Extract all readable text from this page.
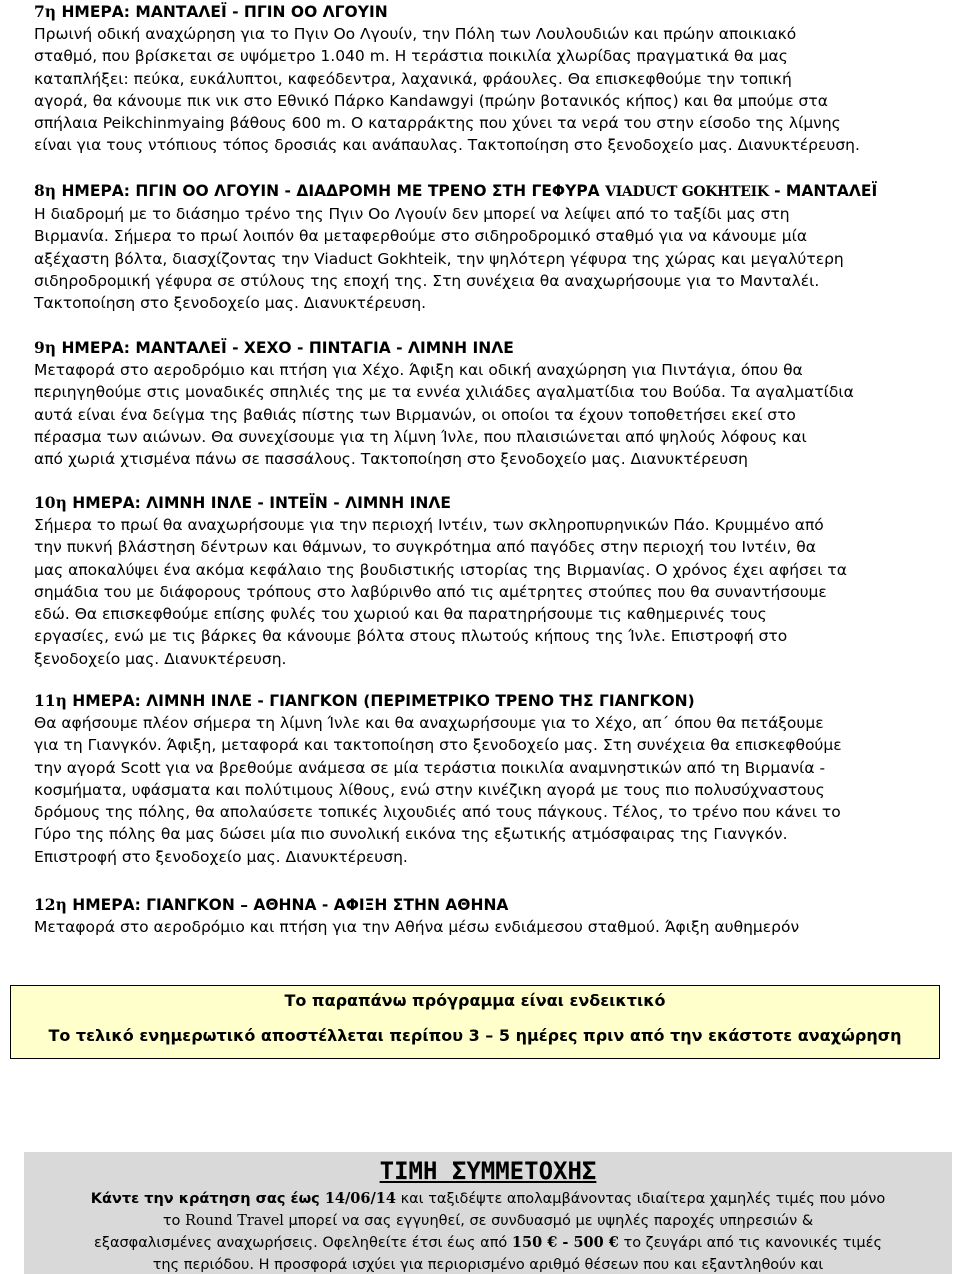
7η ΗΜΕΡΑ: ΜΑΝΤΑΛΕΪ - ΠΓΙΝ ΟΟ ΛΓΟΥΙΝ
Πρωινή οδική αναχώρηση για το Πγιν Οο Λγουίν, την Πόλη των Λουλουδιών και πρώην αποικιακό
σταθμό, που βρίσκεται σε υψόμετρο 1.040 m. Η τεράστια ποικιλία χλωρίδας πραγματικά θα μας
καταπλήξει: πεύκα, ευκάλυπτοι, καφεόδεντρα, λαχανικά, φράουλες. Θα επισκεφθούμε την τοπική
αγορά, θα κάνουμε πικ νικ στο Εθνικό Πάρκο Kandawgyi (πρώην βοτανικός κήπος) και θα μπούμε στα
σπήλαια Peikchinmyaing βάθους 600 m. Ο καταρράκτης που χύνει τα νερά του στην είσοδο της λίμνης
είναι για τους ντόπιους τόπος δροσιάς και ανάπαυλας. Τακτοποίηση στο ξενοδοχείο μας. Διανυκτέρευση.
8η ΗΜΕΡΑ: ΠΓΙΝ ΟΟ ΛΓΟΥΙΝ - ΔΙΑΔΡΟΜΗ ΜΕ ΤΡΕΝΟ ΣΤΗ ΓΕΦΥΡΑ VIADUCT GOKHTEIK - ΜΑΝΤΑΛΕΪ
Η διαδρομή με το διάσημο τρένο της Πγιν Οο Λγουίν δεν μπορεί να λείψει από το ταξίδι μας στη
Βιρμανία. Σήμερα το πρωί λοιπόν θα μεταφερθούμε στο σιδηροδρομικό σταθμό για να κάνουμε μία
αξέχαστη βόλτα, διασχίζοντας την Viaduct Gokhteik, την ψηλότερη γέφυρα της χώρας και μεγαλύτερη
σιδηροδρομική γέφυρα σε στύλους της εποχή της. Στη συνέχεια θα αναχωρήσουμε για το Μανταλέι.
Τακτοποίηση στο ξενοδοχείο μας. Διανυκτέρευση.
9η ΗΜΕΡΑ: ΜΑΝΤΑΛΕΪ - ΧΕΧΟ - ΠΙΝΤΑΓΙΑ - ΛΙΜΝΗ ΙΝΛΕ
Μεταφορά στο αεροδρόμιο και πτήση για Χέχο. Άφιξη και οδική αναχώρηση για Πιντάγια, όπου θα
περιηγηθούμε στις μοναδικές σπηλιές της με τα εννέα χιλιάδες αγαλματίδια του Βούδα. Τα αγαλματίδια
αυτά είναι ένα δείγμα της βαθιάς πίστης των Βιρμανών, οι οποίοι τα έχουν τοποθετήσει εκεί στο
πέρασμα των αιώνων. Θα συνεχίσουμε για τη λίμνη Ίνλε, που πλαισιώνεται από ψηλούς λόφους και
από χωριά χτισμένα πάνω σε πασσάλους. Τακτοποίηση στο ξενοδοχείο μας. Διανυκτέρευση
10η ΗΜΕΡΑ: ΛΙΜΝΗ ΙΝΛΕ - ΙΝΤΕΪΝ - ΛΙΜΝΗ ΙΝΛΕ
Σήμερα το πρωί θα αναχωρήσουμε για την περιοχή Ιντέιν, των σκληροπυρηνικών Πάο. Κρυμμένο από
την πυκνή βλάστηση δέντρων και θάμνων, το συγκρότημα από παγόδες στην περιοχή του Ιντέιν, θα
μας αποκαλύψει ένα ακόμα κεφάλαιο της βουδιστικής ιστορίας της Βιρμανίας. Ο χρόνος έχει αφήσει τα
σημάδια του με διάφορους τρόπους στο λαβύρινθο από τις αμέτρητες στούπες που θα συναντήσουμε
εδώ. Θα επισκεφθούμε επίσης φυλές του χωριού και θα παρατηρήσουμε τις καθημερινές τους
εργασίες, ενώ με τις βάρκες θα κάνουμε βόλτα στους πλωτούς κήπους της Ίνλε. Επιστροφή στο
ξενοδοχείο μας. Διανυκτέρευση.
11η ΗΜΕΡΑ: ΛΙΜΝΗ ΙΝΛΕ - ΓΙΑΝΓΚΟΝ (ΠΕΡΙΜΕΤΡΙΚΟ ΤΡΕΝΟ ΤΗΣ ΓΙΑΝΓΚΟΝ)
Θα αφήσουμε πλέον σήμερα τη λίμνη Ίνλε και θα αναχωρήσουμε για το Χέχο, απ΄ όπου θα πετάξουμε
για τη Γιανγκόν. Άφιξη, μεταφορά και τακτοποίηση στο ξενοδοχείο μας. Στη συνέχεια θα επισκεφθούμε
την αγορά Scott για να βρεθούμε ανάμεσα σε μία τεράστια ποικιλία αναμνηστικών από τη Βιρμανία -
κοσμήματα, υφάσματα και πολύτιμους λίθους, ενώ στην κινέζικη αγορά με τους πιο πολυσύχναστους
δρόμους της πόλης, θα απολαύσετε τοπικές λιχουδιές από τους πάγκους. Τέλος, το τρένο που κάνει το
Γύρο της πόλης θα μας δώσει μία πιο συνολική εικόνα της εξωτικής ατμόσφαιρας της Γιανγκόν.
Επιστροφή στο ξενοδοχείο μας. Διανυκτέρευση.
12η ΗΜΕΡΑ: ΓΙΑΝΓΚΟΝ – ΑΘΗΝΑ - ΑΦΙΞΗ ΣΤΗΝ ΑΘΗΝΑ
Μεταφορά στο αεροδρόμιο και πτήση για την Αθήνα μέσω ενδιάμεσου σταθμού. Άφιξη αυθημερόν
Το παραπάνω πρόγραμμα είναι ενδεικτικό
Το τελικό ενημερωτικό αποστέλλεται περίπου 3 – 5 ημέρες πριν από την εκάστοτε αναχώρηση
ΤΙΜΗ ΣΥΜΜΕΤΟΧΗΣ
Κάντε την κράτηση σας έως 14/06/14 και ταξιδέψτε απολαμβάνοντας ιδιαίτερα χαμηλές τιμές που μόνο
το Round Travel μπορεί να σας εγγυηθεί, σε συνδυασμό με υψηλές παροχές υπηρεσιών &
εξασφαλισμένες αναχωρήσεις. Οφεληθείτε έτσι έως από 150 € - 500 € το ζευγάρι από τις κανονικές τιμές
της περιόδου. Η προσφορά ισχύει για περιορισμένο αριθμό θέσεων που και εξαντληθούν και
